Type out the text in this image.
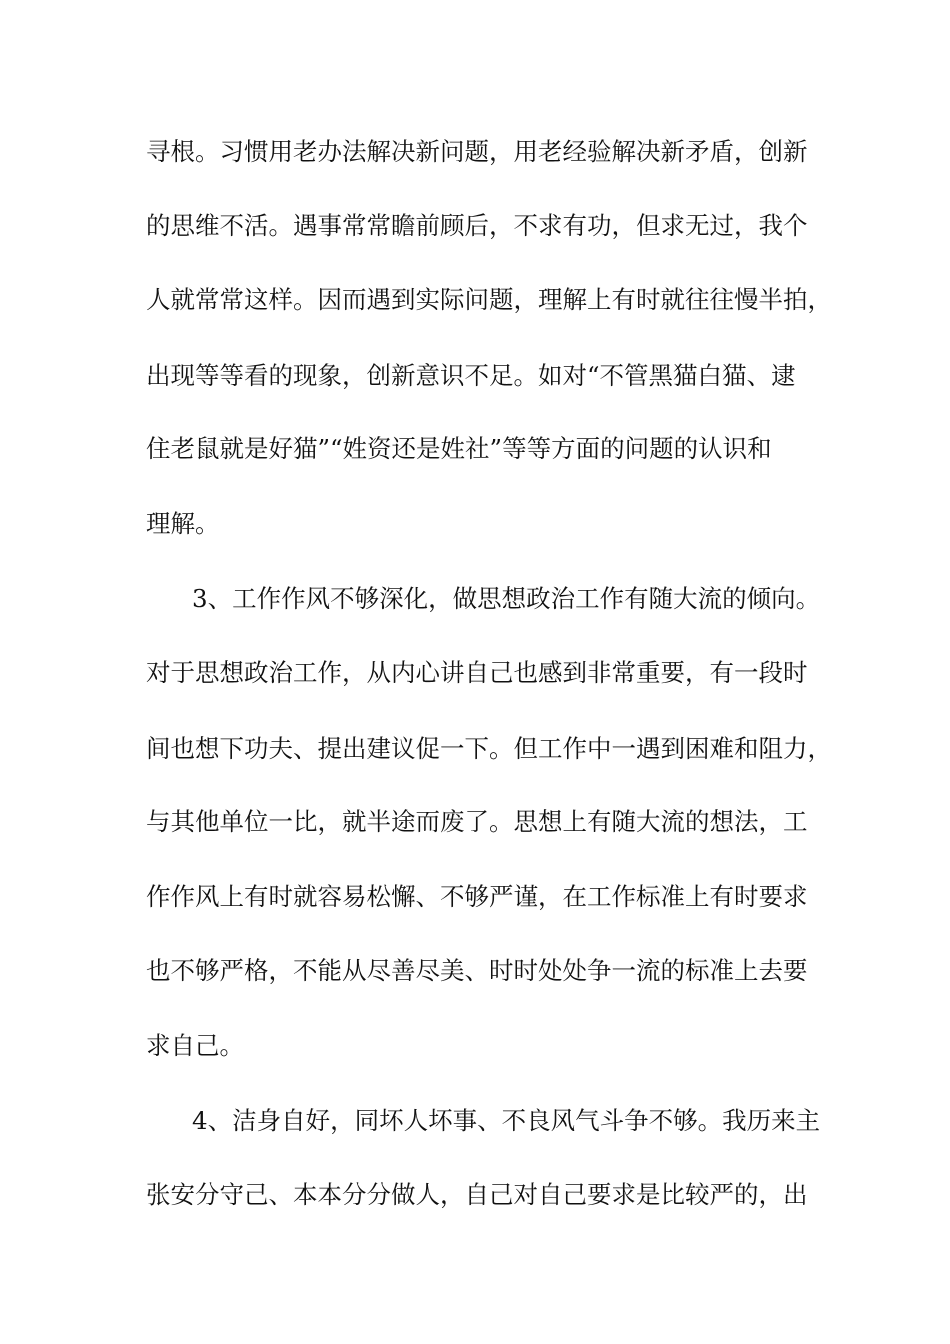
寻根。习惯用老办法解决新问题，用老经验解决新矛盾，创新
的思维不活。遇事常常瞻前顾后，不求有功，但求无过，我个
人就常常这样。因而遇到实际问题，理解上有时就往往慢半拍，
出现等等看的现象，创新意识不足。如对“不管黑猫白猫、逮
住老鼠就是好猫”“姓资还是姓社”等等方面的问题的认识和
理解。
3、工作作风不够深化，做思想政治工作有随大流的倾向。
对于思想政治工作，从内心讲自己也感到非常重要，有一段时
间也想下功夫、提出建议促一下。但工作中一遇到困难和阻力，
与其他单位一比，就半途而废了。思想上有随大流的想法，工
作作风上有时就容易松懈、不够严谨，在工作标准上有时要求
也不够严格，不能从尽善尽美、时时处处争一流的标准上去要
求自己。
4、洁身自好，同坏人坏事、不良风气斗争不够。我历来主
张安分守己、本本分分做人，自己对自己要求是比较严的，出
